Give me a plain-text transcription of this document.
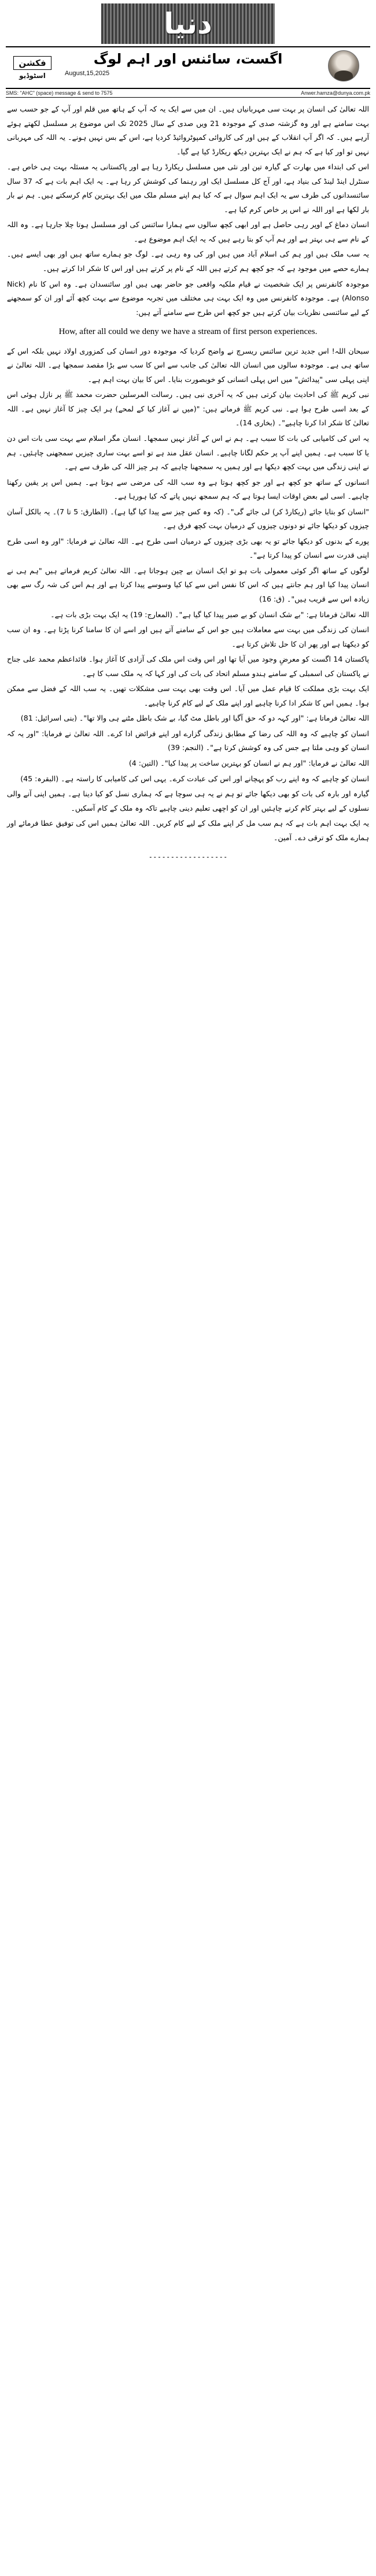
دنیا
فکشن
اسٹوڈیو
اگست، سائنس اور اہم لوگ
August,15,2025
SMS: "AHC" (space) message & send to 7575	Anwer.hamza@dunya.com.pk

اللہ تعالیٰ کی انسان پر بہت سی مہربانیاں ہیں۔ ان میں سے ایک یہ کہ آپ کے ہاتھ میں قلم اور آپ کے جو حسب سے بہت سامنے ہے اور وہ گزشتہ صدی کے موجودہ 21 ویں صدی کے سال 2025 تک اس موضوع پر مسلسل لکھتے ہوئے آرہے ہیں۔ کہ اگر آپ انقلاب کے ہیں اور کی کاروائی کمپوٹروائیڈ کردیا ہے، اس کے بس نہیں ہونے۔ یہ اللہ کی مہربانی نہیں تو اور کیا ہے کہ ہم نے ایک بہترین دیکھ ریکارڈ کیا ہے گیا۔

اس کی ابتداء میں بھارت کے گیارہ تین اور نئی میں مسلسل ریکارڈ رہا ہے اور پاکستانی یہ مسئلہ بہت ہی خاص ہے۔ سنٹرل اینڈ لینڈ کی بنیاد ہے، اور آج کل مسلسل ایک اور رہنما کی کوشش کر رہا ہے۔ یہ ایک اہم بات ہے کہ 37 سال سائنسدانوں کی طرف سے یہ ایک اہم سوال ہے کہ کیا ہم اپنے مسلم ملک میں ایک بہترین کام کرسکتے ہیں۔ ہم نے بار بار لکھا ہے اور اللہ نے اس پر خاص کرم کیا ہے۔

انسان دماغ کے اوپر رہی حاصل ہے اور ابھی کچھ سالوں سے ہمارا سائنس کی اور مسلسل ہوتا چلا جارہا ہے۔ وہ اللہ کے نام سے ہی بہتر ہے اور ہم آپ کو بتا رہے ہیں کہ یہ ایک اہم موضوع ہے۔

یہ سب ملک ہیں اور ہم کی اسلام آباد میں ہیں اور کی وہ رہی ہے۔ لوگ جو ہمارے ساتھ ہیں اور بھی ایسے ہیں۔ ہمارے حصے میں موجود ہے کہ جو کچھ ہم کرتے ہیں اللہ کے نام پر کرتے ہیں اور اس کا شکر ادا کرتے ہیں۔

موجودہ کانفرنس پر ایک شخصیت نے قیام ملکیہ واقعی جو حاضر بھی ہیں اور سائنسدان ہے۔ وہ اس کا نام (Nick Alonso) ہے۔ موجودہ کانفرنس میں وہ ایک بہت ہی مختلف میں تجربہ موضوع سے بہت کچھ آئے اور ان کو سمجھنے کے لیے سائنسی نظریات بیان کرتے ہیں جو کچھ اس طرح سے سامنے آتے ہیں:

How, after all could we deny we have a stream of first person experiences.

سبحان اللہ! اس جدید ترین سائنس ریسرچ نے واضح کردیا کہ موجودہ دور انسان کی کمزوری اولاد نہیں بلکہ اس کے ساتھ ہی ہے۔ موجودہ سالوں میں انسان اللہ تعالیٰ کی جانب سے اس کا سب سے بڑا مقصد سمجھا ہے۔ اللہ تعالیٰ نے اپنی پہلی سی "پیدائش" میں اس پہلی انسانی کو خوبصورت بنایا۔ اس کا بیان بہت اہم ہے۔

نبی کریم ﷺ کی احادیث بیان کرتی ہیں کہ یہ آخری نبی ہیں۔ رسالت المرسلین حضرت محمد ﷺ پر نازل ہوئی اس کے بعد اسی طرح ہوا ہے۔ نبی کریم ﷺ فرماتے ہیں: "(میں نے آغاز کیا کے لمحے) ہر ایک چیز کا آغاز نہیں ہے۔ اللہ تعالیٰ کا شکر ادا کرنا چاہیے"۔ (بخاری 14)۔

یہ اس کی کامیابی کی بات کا سبب ہے۔ ہم نے اس کے آغاز نہیں سمجھا۔ انسان مگر اسلام سے بہت سی بات اس دن یا کا سبب ہے۔ ہمیں اپنے آپ پر حکم لگانا چاہیے۔ انسان عقل مند ہے تو اسے بہت ساری چیزیں سمجھنی چاہئیں۔ ہم نے اپنی زندگی میں بہت کچھ دیکھا ہے اور ہمیں یہ سمجھنا چاہیے کہ ہر چیز اللہ کی طرف سے ہے۔

انسانوں کے ساتھ جو کچھ ہے اور جو کچھ ہوتا ہے وہ سب اللہ کی مرضی سے ہوتا ہے۔ ہمیں اس پر یقین رکھنا چاہیے۔ اسی لیے بعض اوقات ایسا ہوتا ہے کہ ہم سمجھ نہیں پاتے کہ کیا ہورہا ہے۔

"انسان کو بتایا جائے (ریکارڈ کر) لی جائے گی"۔ (کہ وہ کس چیز سے پیدا کیا گیا ہے)۔ (الطارق: 5 تا 7)۔ یہ بالکل آسان چیزوں کو دیکھا جائے تو دونوں چیزوں کے درمیان بہت کچھ فرق ہے۔

پورے کے بدنوں کو دیکھا جائے تو یہ بھی بڑی چیزوں کے درمیان اسی طرح ہے۔ اللہ تعالیٰ نے فرمایا: "اور وہ اسی طرح اپنی قدرت سے انسان کو پیدا کرتا ہے"۔

لوگوں کے ساتھ اگر کوئی معمولی بات ہو تو ایک انسان بے چین ہوجاتا ہے۔ اللہ تعالیٰ کریم فرماتے ہیں "ہم ہی نے انسان پیدا کیا اور ہم جانتے ہیں کہ اس کا نفس اس سے کیا کیا وسوسے پیدا کرتا ہے اور ہم اس کی شہ رگ سے بھی زیادہ اس سے قریب ہیں"۔ (ق: 16)

اللہ تعالیٰ فرماتا ہے: "بے شک انسان کو بے صبر پیدا کیا گیا ہے"۔ (المعارج: 19) یہ ایک بہت بڑی بات ہے۔

انسان کی زندگی میں بہت سے معاملات ہیں جو اس کے سامنے آتے ہیں اور اسے ان کا سامنا کرنا پڑتا ہے۔ وہ ان سب کو دیکھتا ہے اور پھر ان کا حل تلاش کرتا ہے۔

پاکستان 14 اگست کو معرضِ وجود میں آیا تھا اور اس وقت اس ملک کی آزادی کا آغاز ہوا۔ قائداعظم محمد علی جناح نے پاکستان کی اسمبلی کے سامنے ہندو مسلم اتحاد کی بات کی اور کہا کہ یہ ملک سب کا ہے۔

ایک بہت بڑی مملکت کا قیام عمل میں آیا۔ اس وقت بھی بہت سی مشکلات تھیں۔ یہ سب اللہ کے فضل سے ممکن ہوا۔ ہمیں اس کا شکر ادا کرنا چاہیے اور اپنے ملک کے لیے کام کرنا چاہیے۔

اللہ تعالیٰ فرماتا ہے: "اور کہہ دو کہ حق آگیا اور باطل مٹ گیا، بے شک باطل مٹنے ہی والا تھا"۔ (بنی اسرائیل: 81)

انسان کو چاہیے کہ وہ اللہ کی رضا کے مطابق زندگی گزارے اور اپنے فرائض ادا کرے۔ اللہ تعالیٰ نے فرمایا: "اور یہ کہ انسان کو وہی ملتا ہے جس کی وہ کوشش کرتا ہے"۔ (النجم: 39)

اللہ تعالیٰ نے فرمایا: "اور ہم نے انسان کو بہترین ساخت پر پیدا کیا"۔ (التین: 4)

انسان کو چاہیے کہ وہ اپنے رب کو پہچانے اور اس کی عبادت کرے۔ یہی اس کی کامیابی کا راستہ ہے۔ (البقرہ: 45)

گیارہ اور بارہ کی بات کو بھی دیکھا جائے تو ہم نے یہ ہی سوچا ہے کہ ہماری نسل کو کیا دینا ہے۔ ہمیں اپنی آنے والی نسلوں کے لیے بہتر کام کرنے چاہئیں اور ان کو اچھی تعلیم دینی چاہیے تاکہ وہ ملک کے کام آسکیں۔

یہ ایک بہت اہم بات ہے کہ ہم سب مل کر اپنے ملک کے لیے کام کریں۔ اللہ تعالیٰ ہمیں اس کی توفیق عطا فرمائے اور ہمارے ملک کو ترقی دے۔ آمین۔

۔۔۔۔۔۔۔۔۔۔۔۔۔۔۔۔۔۔
